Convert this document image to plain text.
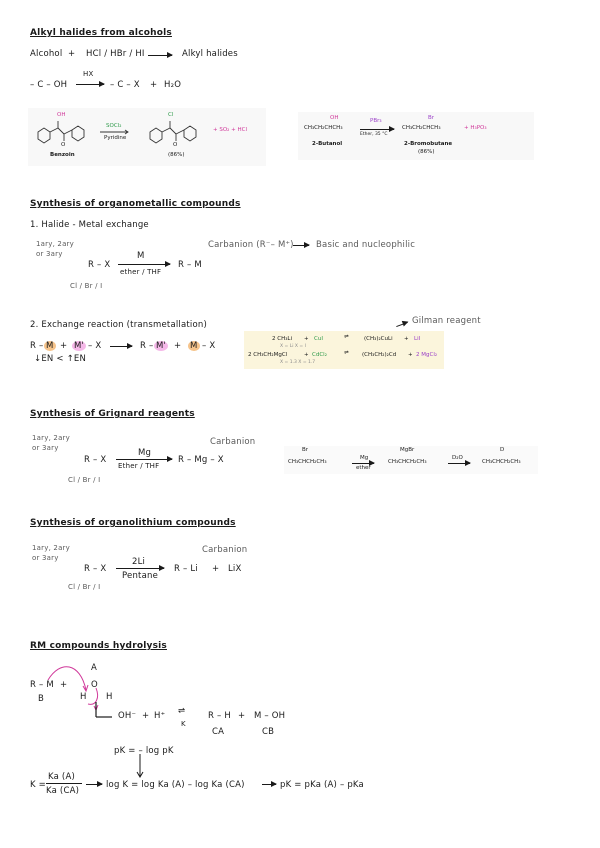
Alkyl halides from alcohols
Alcohol + HCl / HBr / HI → Alkyl halides
– C – OH
HX
→ – C – X + H₂O
OH
O
Cl
O
SOCl₂
Pyridine
+ SO₂ + HCl
Benzoin	(86%)
OH
CH₃CH₂CHCH₃
PBr₃
Ether, 35 °C
Br
CH₃CH₂CHCH₃	+ H₃PO₃
2-Butanol	2-Bromobutane
(86%)
Synthesis of organometallic compounds
1. Halide - Metal exchange
1ary, 2ary
or 3ary
R – X
M
ether / THF
R – M
Carbanion (R⁻– M⁺)	Basic and nucleophilic
Cl / Br / I
2. Exchange reaction (transmetallation)
R – M + M' – X → R – M' + M – X
↓EN < ↑EN
Gilman reagent
2 CH₃Li + CuI	⇌	(CH₃)₂CuLi + LiI
X = Li X = I
2 CH₃CH₂MgCl	+ CdCl₂	⇌ (CH₃CH₂)₂Cd + 2 MgCl₂
X = 1.3 X = 1.7
Synthesis of Grignard reagents
1ary, 2ary
or 3ary
R – X
Mg
Ether / THF
R – Mg – X
Carbanion
Cl / Br / I
Br
CH₃CHCH₂CH₃
Mg
ether
MgBr
CH₃CHCH₂CH₃
D₂O
D
CH₃CHCH₂CH₃
Synthesis of organolithium compounds
1ary, 2ary
or 3ary
R – X
2Li
Pentane
R – Li + LiX
Carbanion
Cl / Br / I
RM compounds hydrolysis
A
R – M +
B
O
H H
OH⁻ + H⁺ ⇌
K
R – H + M – OH
CA	CB
pK = – log pK
K =
Ka (A)
Ka (CA)
log K = log Ka (A) – log Ka (CA)	pK = pKa (A) – pKa
